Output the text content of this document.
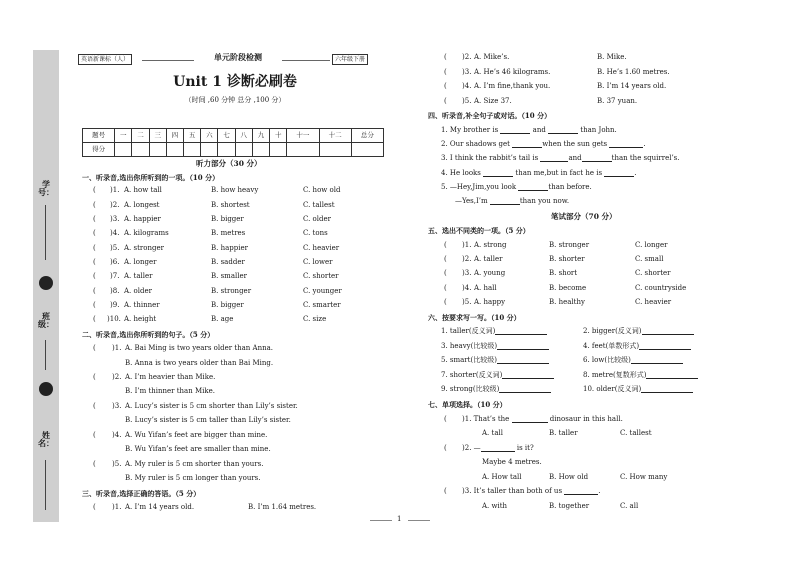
学号：
班级：
姓名：
英语新课标（人）	单元阶段检测	六年级下册
Unit 1 诊断必刷卷
（时间 ,60 分钟 总分 ,100 分）
题号	一	二	三	四	五	六	七	八	九	十	十一	十二	总分
得分													
听力部分（30 分）
一、听录音,选出你所听到的一项。（10 分）
( )1. A. how tall	B. how heavy	C. how old
( )2. A. longest	B. shortest	C. tallest
( )3. A. happier	B. bigger	C. older
( )4. A. kilograms	B. metres	C. tons
( )5. A. stronger	B. happier	C. heavier
( )6. A. longer	B. sadder	C. lower
( )7. A. taller	B. smaller	C. shorter
( )8. A. older	B. stronger	C. younger
( )9. A. thinner	B. bigger	C. smarter
( )10. A. height	B. age	C. size
二、听录音,选出你所听到的句子。（5 分）
( )1. A. Bai Ming is two years older than Anna.
B. Anna is two years older than Bai Ming.
( )2. A. I’m heavier than Mike.
B. I’m thinner than Mike.
( )3. A. Lucy’s sister is 5 cm shorter than Lily’s sister.
B. Lucy’s sister is 5 cm taller than Lily’s sister.
( )4. A. Wu Yifan’s feet are bigger than mine.
B. Wu Yifan’s feet are smaller than mine.
( )5. A. My ruler is 5 cm shorter than yours.
B. My ruler is 5 cm longer than yours.
三、听录音,选择正确的答语。（5 分）
( )1. A. I’m 14 years old.	B. I’m 1.64 metres.
( )2. A. Mike’s.	B. Mike.
( )3. A. He’s 46 kilograms.	B. He’s 1.60 metres.
( )4. A. I’m fine,thank you.	B. I’m 14 years old.
( )5. A. Size 37.	B. 37 yuan.
四、听录音,补全句子或对话。（10 分）
1. My brother is	and	than John.
2. Our shadows get	when the sun gets	.
3. I think the rabbit’s tail is	and	than the squirrel’s.
4. He looks	than me,but in fact he is	.
5. —Hey,Jim,you look	than before.
—Yes,I’m	than you now.
笔试部分（70 分）
五、选出不同类的一项。（5 分）
( )1. A. strong	B. stronger	C. longer
( )2. A. taller	B. shorter	C. small
( )3. A. young	B. short	C. shorter
( )4. A. hall	B. become	C. countryside
( )5. A. happy	B. healthy	C. heavier
六、按要求写一写。（10 分）
1. taller(反义词)	2. bigger(反义词)
3. heavy(比较级)	4. feet(单数形式)
5. smart(比较级)	6. low(比较级)
7. shorter(反义词)	8. metre(复数形式)
9. strong(比较级)	10. older(反义词)
七、单项选择。（10 分）
( )1. That’s the	dinosaur in this hall.
A. tall	B. taller	C. tallest
( )2. —	is it?
Maybe 4 metres.
A. How tall	B. How old	C. How many
( )3. It’s taller than both of us	.
A. with	B. together	C. all
1
